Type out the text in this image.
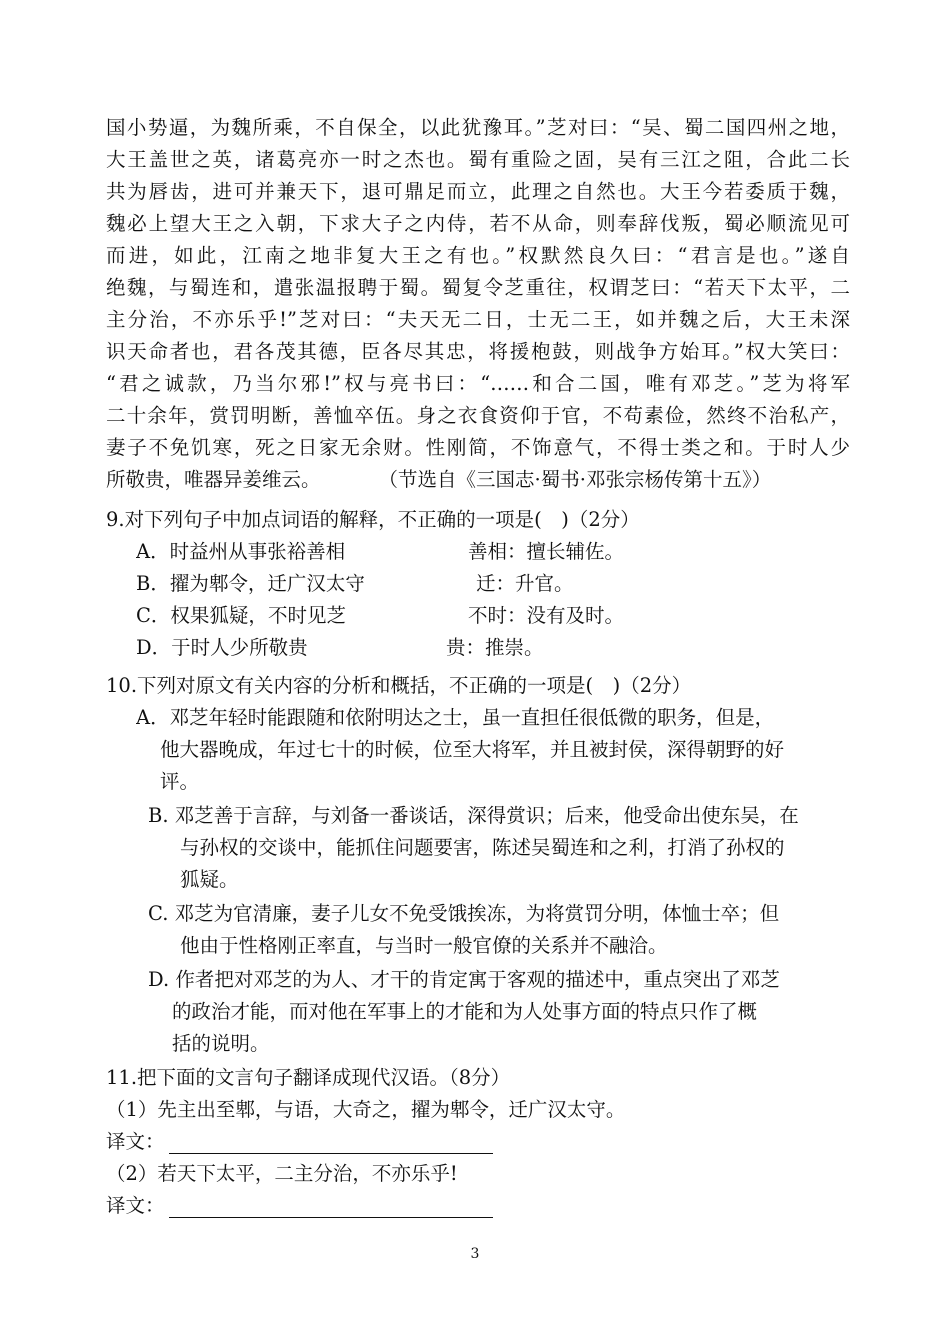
国小势逼，为魏所乘，不自保全，以此犹豫耳。”芝对曰：“吴、蜀二国四州之地，
大王盖世之英，诸葛亮亦一时之杰也。蜀有重险之固，吴有三江之阻，合此二长
共为唇齿，进可并兼天下，退可鼎足而立，此理之自然也。大王今若委质于魏，
魏必上望大王之入朝，下求大子之内侍，若不从命，则奉辞伐叛，蜀必顺流见可
而进，如此，江南之地非复大王之有也。”权默然良久曰：“君言是也。”遂自
绝魏，与蜀连和，遣张温报聘于蜀。蜀复令芝重往，权谓芝曰：“若天下太平，二
主分治，不亦乐乎!”芝对曰：“夫天无二日，士无二王，如并魏之后，大王未深
识天命者也，君各茂其德，臣各尽其忠，将援枹鼓，则战争方始耳。”权大笑曰：
“君之诚款，乃当尔邪!”权与亮书曰：“……和合二国，唯有邓芝。”芝为将军
二十余年，赏罚明断，善恤卒伍。身之衣食资仰于官，不苟素俭，然终不治私产，
妻子不免饥寒，死之日家无余财。性刚简，不饰意气，不得士类之和。于时人少
所敬贵，唯器异姜维云。	（节选自《三国志·蜀书·邓张宗杨传第十五》）
9.对下列句子中加点词语的解释，不正确的一项是(　)（2分）
A．时益州从事张裕善相	善相：擅长辅佐。
B．擢为郫令，迁广汉太守	迁：升官。
C．权果狐疑，不时见芝	不时：没有及时。
D．于时人少所敬贵	贵：推崇。
10.下列对原文有关内容的分析和概括，不正确的一项是(　)（2分）
A．邓芝年轻时能跟随和依附明达之士，虽一直担任很低微的职务，但是，
他大器晚成，年过七十的时候，位至大将军，并且被封侯，深得朝野的好
评。
B. 邓芝善于言辞，与刘备一番谈话，深得赏识；后来，他受命出使东吴，在
与孙权的交谈中，能抓住问题要害，陈述吴蜀连和之利，打消了孙权的
狐疑。
C. 邓芝为官清廉，妻子儿女不免受饿挨冻，为将赏罚分明，体恤士卒；但
他由于性格刚正率直，与当时一般官僚的关系并不融洽。
D. 作者把对邓芝的为人、才干的肯定寓于客观的描述中，重点突出了邓芝
的政治才能，而对他在军事上的才能和为人处事方面的特点只作了概
括的说明。
11.把下面的文言句子翻译成现代汉语。（8分）
（1）先主出至郫，与语，大奇之，擢为郫令，迁广汉太守。
译文：
（2）若天下太平，二主分治，不亦乐乎!
译文：
3
